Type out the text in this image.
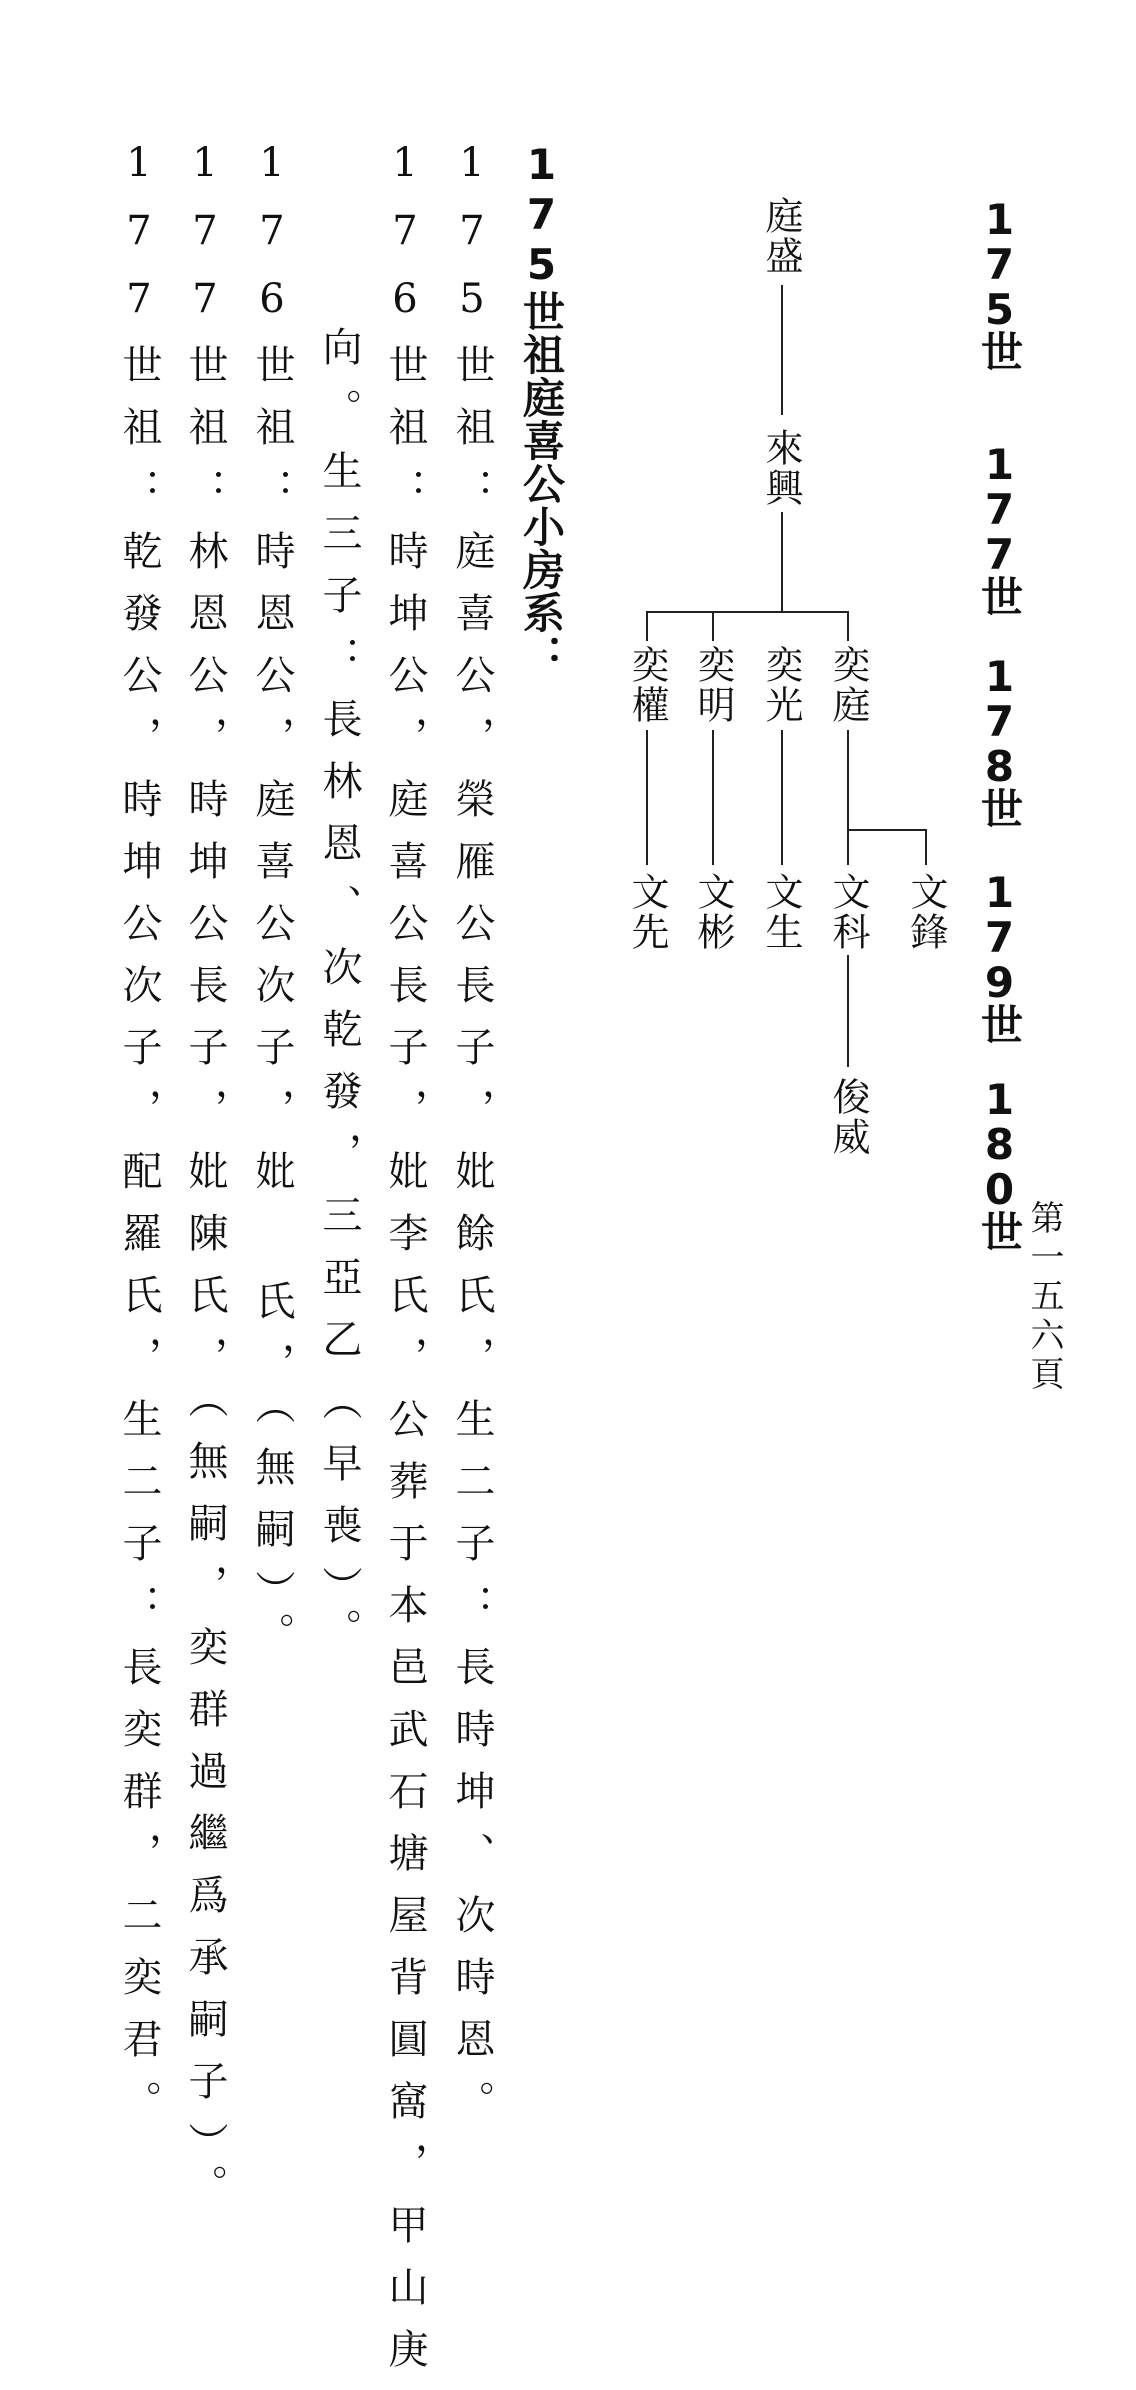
第一五六頁
175世
177世
178世
179世
180世
庭盛
來興
奕庭
奕光
奕明
奕權
文鋒
文科
文生
文彬
文先
俊威
175世祖庭喜公小房系：
175世祖：庭喜公，榮雁公長子，妣餘氏，生二子：長時坤、次時恩。
176世祖：時坤公，庭喜公長子，妣李氏，公葬于本邑武石塘屋背圓窩，甲山庚
向。生三子：長林恩、次乾發，三亞乙（早喪）。
176世祖：時恩公，庭喜公次子，妣 氏，（無嗣）。
177世祖：林恩公，時坤公長子，妣陳氏，（無嗣，奕群過繼爲承嗣子）。
177世祖：乾發公，時坤公次子，配羅氏，生二子：長奕群，二奕君。
